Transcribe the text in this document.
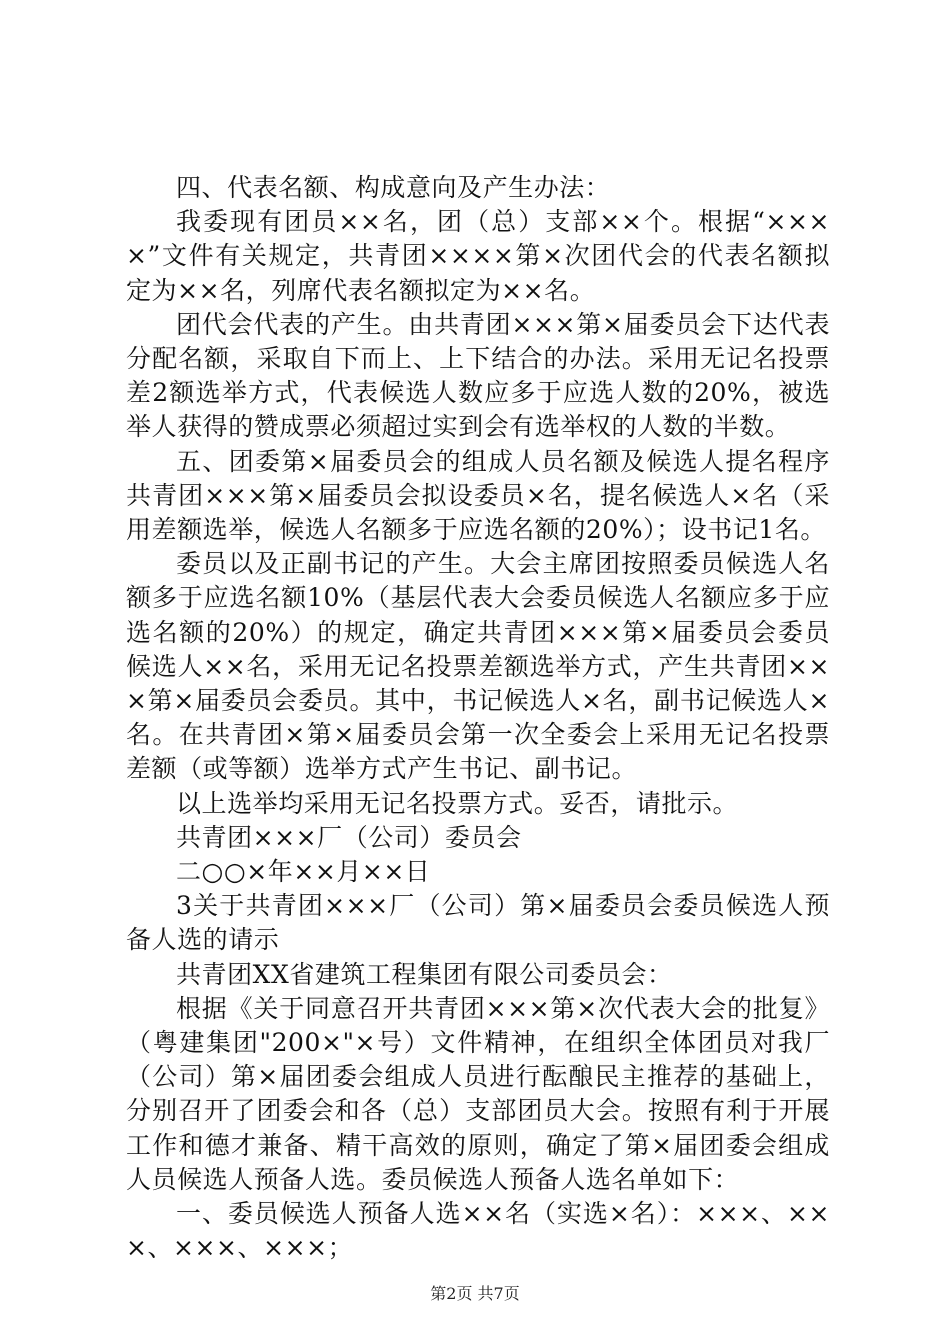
四、代表名额、构成意向及产生办法：

我委现有团员××名，团（总）支部××个。根据“××××”文件有关规定，共青团××××第×次团代会的代表名额拟定为××名，列席代表名额拟定为××名。

团代会代表的产生。由共青团×××第×届委员会下达代表分配名额，采取自下而上、上下结合的办法。采用无记名投票差2额选举方式，代表候选人数应多于应选人数的20%，被选举人获得的赞成票必须超过实到会有选举权的人数的半数。

五、团委第×届委员会的组成人员名额及候选人提名程序共青团×××第×届委员会拟设委员×名，提名候选人×名（采用差额选举，候选人名额多于应选名额的20%）；设书记1名。

委员以及正副书记的产生。大会主席团按照委员候选人名额多于应选名额10%（基层代表大会委员候选人名额应多于应选名额的20%）的规定，确定共青团×××第×届委员会委员候选人××名，采用无记名投票差额选举方式，产生共青团×××第×届委员会委员。其中，书记候选人×名，副书记候选人×名。在共青团×第×届委员会第一次全委会上采用无记名投票差额（或等额）选举方式产生书记、副书记。

以上选举均采用无记名投票方式。妥否，请批示。

共青团×××厂（公司）委员会

二○○×年××月××日

3关于共青团×××厂（公司）第×届委员会委员候选人预备人选的请示

共青团XX省建筑工程集团有限公司委员会：

根据《关于同意召开共青团×××第×次代表大会的批复》（粤建集团"200×"×号）文件精神，在组织全体团员对我厂（公司）第×届团委会组成人员进行酝酿民主推荐的基础上，分别召开了团委会和各（总）支部团员大会。按照有利于开展工作和德才兼备、精干高效的原则，确定了第×届团委会组成人员候选人预备人选。委员候选人预备人选名单如下：

一、委员候选人预备人选××名（实选×名）：×××、×××、×××、×××；

第2页 共7页
